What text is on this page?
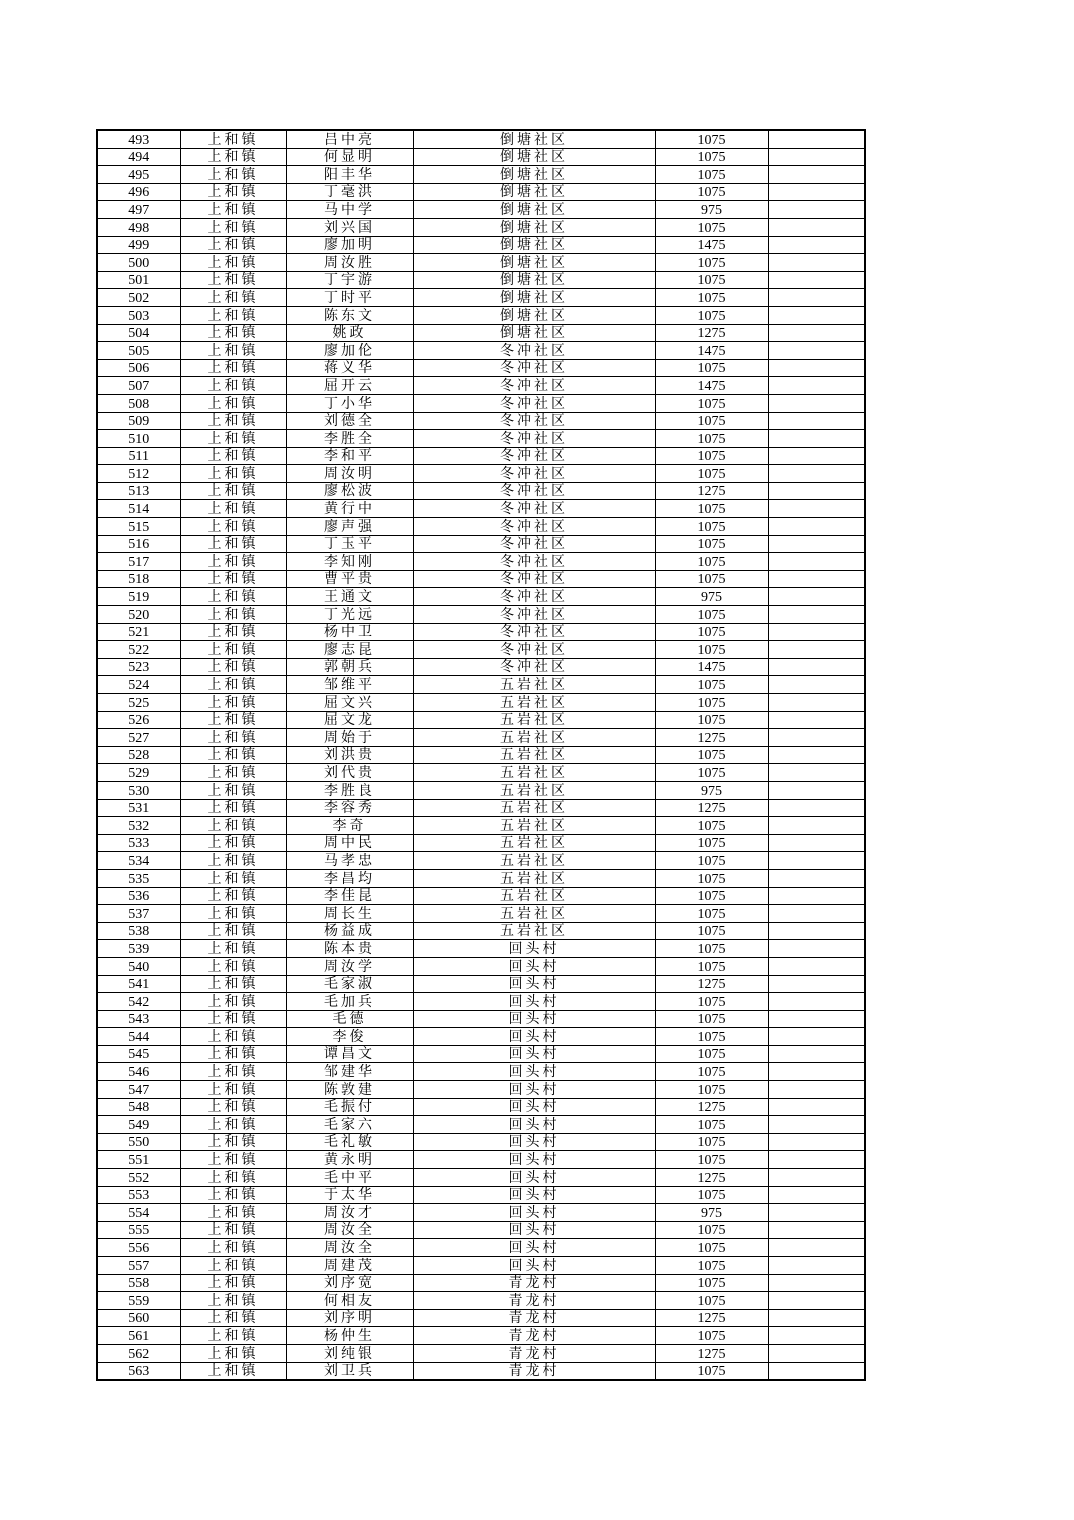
493	上和镇	吕中亮	倒塘社区	1075	
494	上和镇	何显明	倒塘社区	1075	
495	上和镇	阳丰华	倒塘社区	1075	
496	上和镇	丁毫洪	倒塘社区	1075	
497	上和镇	马中学	倒塘社区	975	
498	上和镇	刘兴国	倒塘社区	1075	
499	上和镇	廖加明	倒塘社区	1475	
500	上和镇	周汝胜	倒塘社区	1075	
501	上和镇	丁宇游	倒塘社区	1075	
502	上和镇	丁时平	倒塘社区	1075	
503	上和镇	陈东文	倒塘社区	1075	
504	上和镇	姚政	倒塘社区	1275	
505	上和镇	廖加伦	冬冲社区	1475	
506	上和镇	蒋义华	冬冲社区	1075	
507	上和镇	屈开云	冬冲社区	1475	
508	上和镇	丁小华	冬冲社区	1075	
509	上和镇	刘德全	冬冲社区	1075	
510	上和镇	李胜全	冬冲社区	1075	
511	上和镇	李和平	冬冲社区	1075	
512	上和镇	周汝明	冬冲社区	1075	
513	上和镇	廖松波	冬冲社区	1275	
514	上和镇	黄行中	冬冲社区	1075	
515	上和镇	廖声强	冬冲社区	1075	
516	上和镇	丁玉平	冬冲社区	1075	
517	上和镇	李知刚	冬冲社区	1075	
518	上和镇	曹平贵	冬冲社区	1075	
519	上和镇	王通文	冬冲社区	975	
520	上和镇	丁光远	冬冲社区	1075	
521	上和镇	杨中卫	冬冲社区	1075	
522	上和镇	廖志昆	冬冲社区	1075	
523	上和镇	郭朝兵	冬冲社区	1475	
524	上和镇	邹维平	五岩社区	1075	
525	上和镇	屈文兴	五岩社区	1075	
526	上和镇	屈文龙	五岩社区	1075	
527	上和镇	周始于	五岩社区	1275	
528	上和镇	刘洪贵	五岩社区	1075	
529	上和镇	刘代贵	五岩社区	1075	
530	上和镇	李胜良	五岩社区	975	
531	上和镇	李容秀	五岩社区	1275	
532	上和镇	李奇	五岩社区	1075	
533	上和镇	周中民	五岩社区	1075	
534	上和镇	马孝忠	五岩社区	1075	
535	上和镇	李昌均	五岩社区	1075	
536	上和镇	李佳昆	五岩社区	1075	
537	上和镇	周长生	五岩社区	1075	
538	上和镇	杨益成	五岩社区	1075	
539	上和镇	陈本贵	回头村	1075	
540	上和镇	周汝学	回头村	1075	
541	上和镇	毛家淑	回头村	1275	
542	上和镇	毛加兵	回头村	1075	
543	上和镇	毛德	回头村	1075	
544	上和镇	李俊	回头村	1075	
545	上和镇	谭昌文	回头村	1075	
546	上和镇	邹建华	回头村	1075	
547	上和镇	陈敦建	回头村	1075	
548	上和镇	毛振付	回头村	1275	
549	上和镇	毛家六	回头村	1075	
550	上和镇	毛礼敏	回头村	1075	
551	上和镇	黄永明	回头村	1075	
552	上和镇	毛中平	回头村	1275	
553	上和镇	于太华	回头村	1075	
554	上和镇	周汝才	回头村	975	
555	上和镇	周汝全	回头村	1075	
556	上和镇	周汝全	回头村	1075	
557	上和镇	周建茂	回头村	1075	
558	上和镇	刘序宽	青龙村	1075	
559	上和镇	何相友	青龙村	1075	
560	上和镇	刘序明	青龙村	1275	
561	上和镇	杨仲生	青龙村	1075	
562	上和镇	刘纯银	青龙村	1275	
563	上和镇	刘卫兵	青龙村	1075	
